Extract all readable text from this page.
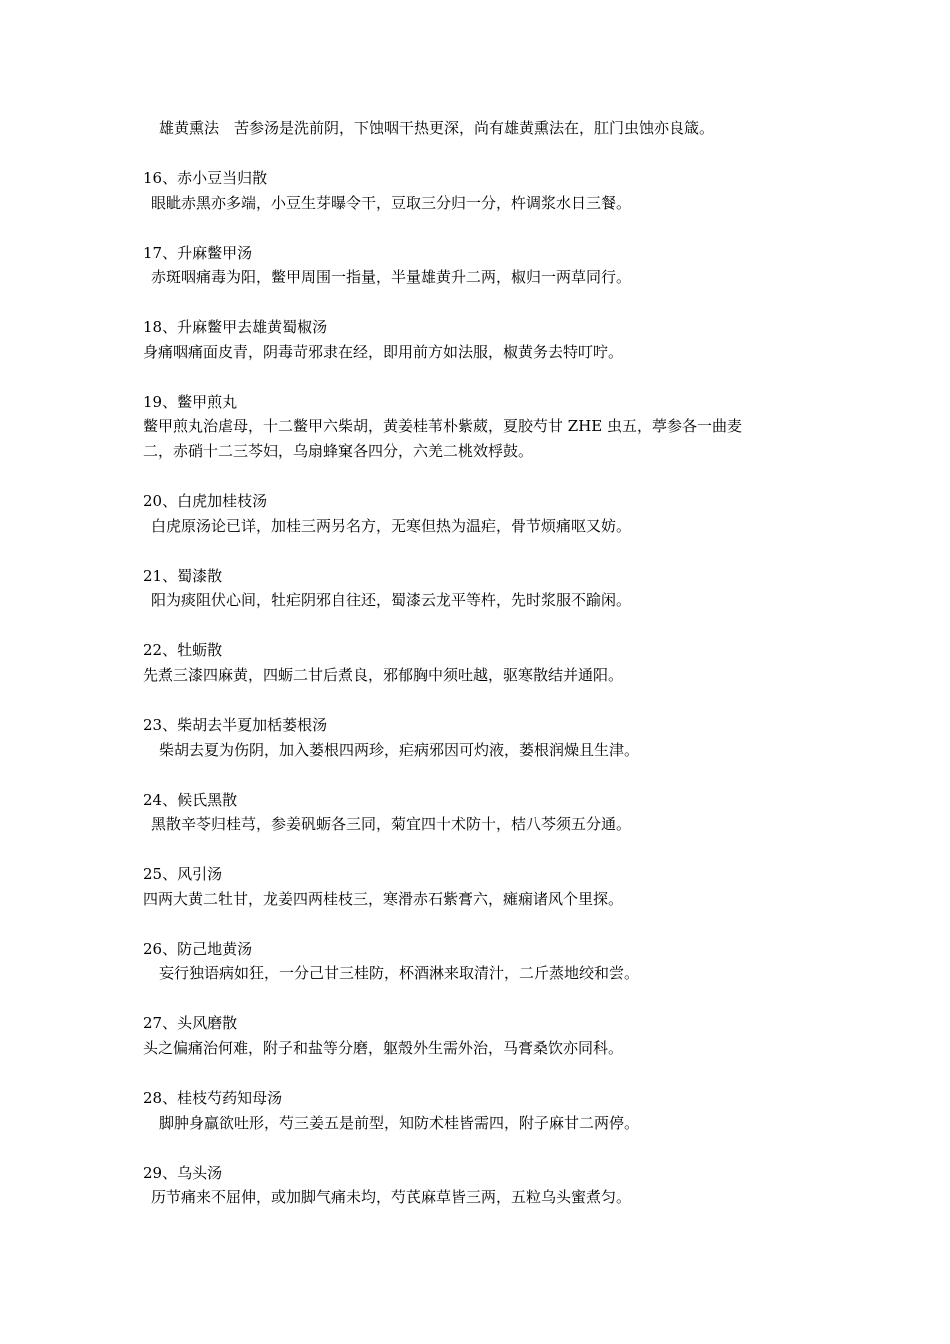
雄黄熏法　苦参汤是洗前阴，下蚀咽干热更深，尚有雄黄熏法在，肛门虫蚀亦良箴。
16、赤小豆当归散
眼眦赤黑亦多端，小豆生芽曝令干，豆取三分归一分，杵调浆水日三餐。
17、升麻鳖甲汤
赤斑咽痛毒为阳，鳖甲周围一指量，半量雄黄升二两，椒归一两草同行。
18、升麻鳖甲去雄黄蜀椒汤
身痛咽痛面皮青，阴毒苛邪隶在经，即用前方如法服，椒黄务去特叮咛。
19、鳖甲煎丸
鳖甲煎丸治虐母，十二鳖甲六柴胡，黄姜桂苇朴紫葳，夏胶芍甘 ZHE 虫五，葶参各一曲麦
二，赤硝十二三芩妇，乌扇蜂窠各四分，六羌二桃效桴鼓。
20、白虎加桂枝汤
白虎原汤论已详，加桂三两另名方，无寒但热为温疟，骨节烦痛呕又妨。
21、蜀漆散
阳为痰阻伏心间，牡疟阴邪自往还，蜀漆云龙平等杵，先时浆服不踰闲。
22、牡蛎散
先煮三漆四麻黄，四蛎二甘后煮良，邪郁胸中须吐越，驱寒散结并通阳。
23、柴胡去半夏加栝蒌根汤
柴胡去夏为伤阴，加入蒌根四两珍，疟病邪因可灼液，蒌根润燥且生津。
24、候氏黑散
黑散辛苓归桂芎，参姜矾蛎各三同，菊宜四十术防十，桔八芩须五分通。
25、风引汤
四两大黄二牡甘，龙姜四两桂枝三，寒滑赤石紫膏六，瘫痫诸风个里探。
26、防己地黄汤
妄行独语病如狂，一分己甘三桂防，杯酒淋来取清汁，二斤蒸地绞和尝。
27、头风磨散
头之偏痛治何难，附子和盐等分磨，躯殼外生需外治，马膏桑饮亦同科。
28、桂枝芍药知母汤
脚肿身羸欲吐形，芍三姜五是前型，知防术桂皆需四，附子麻甘二两停。
29、乌头汤
历节痛来不屈伸，或加脚气痛未均，芍芪麻草皆三两，五粒乌头蜜煮匀。
